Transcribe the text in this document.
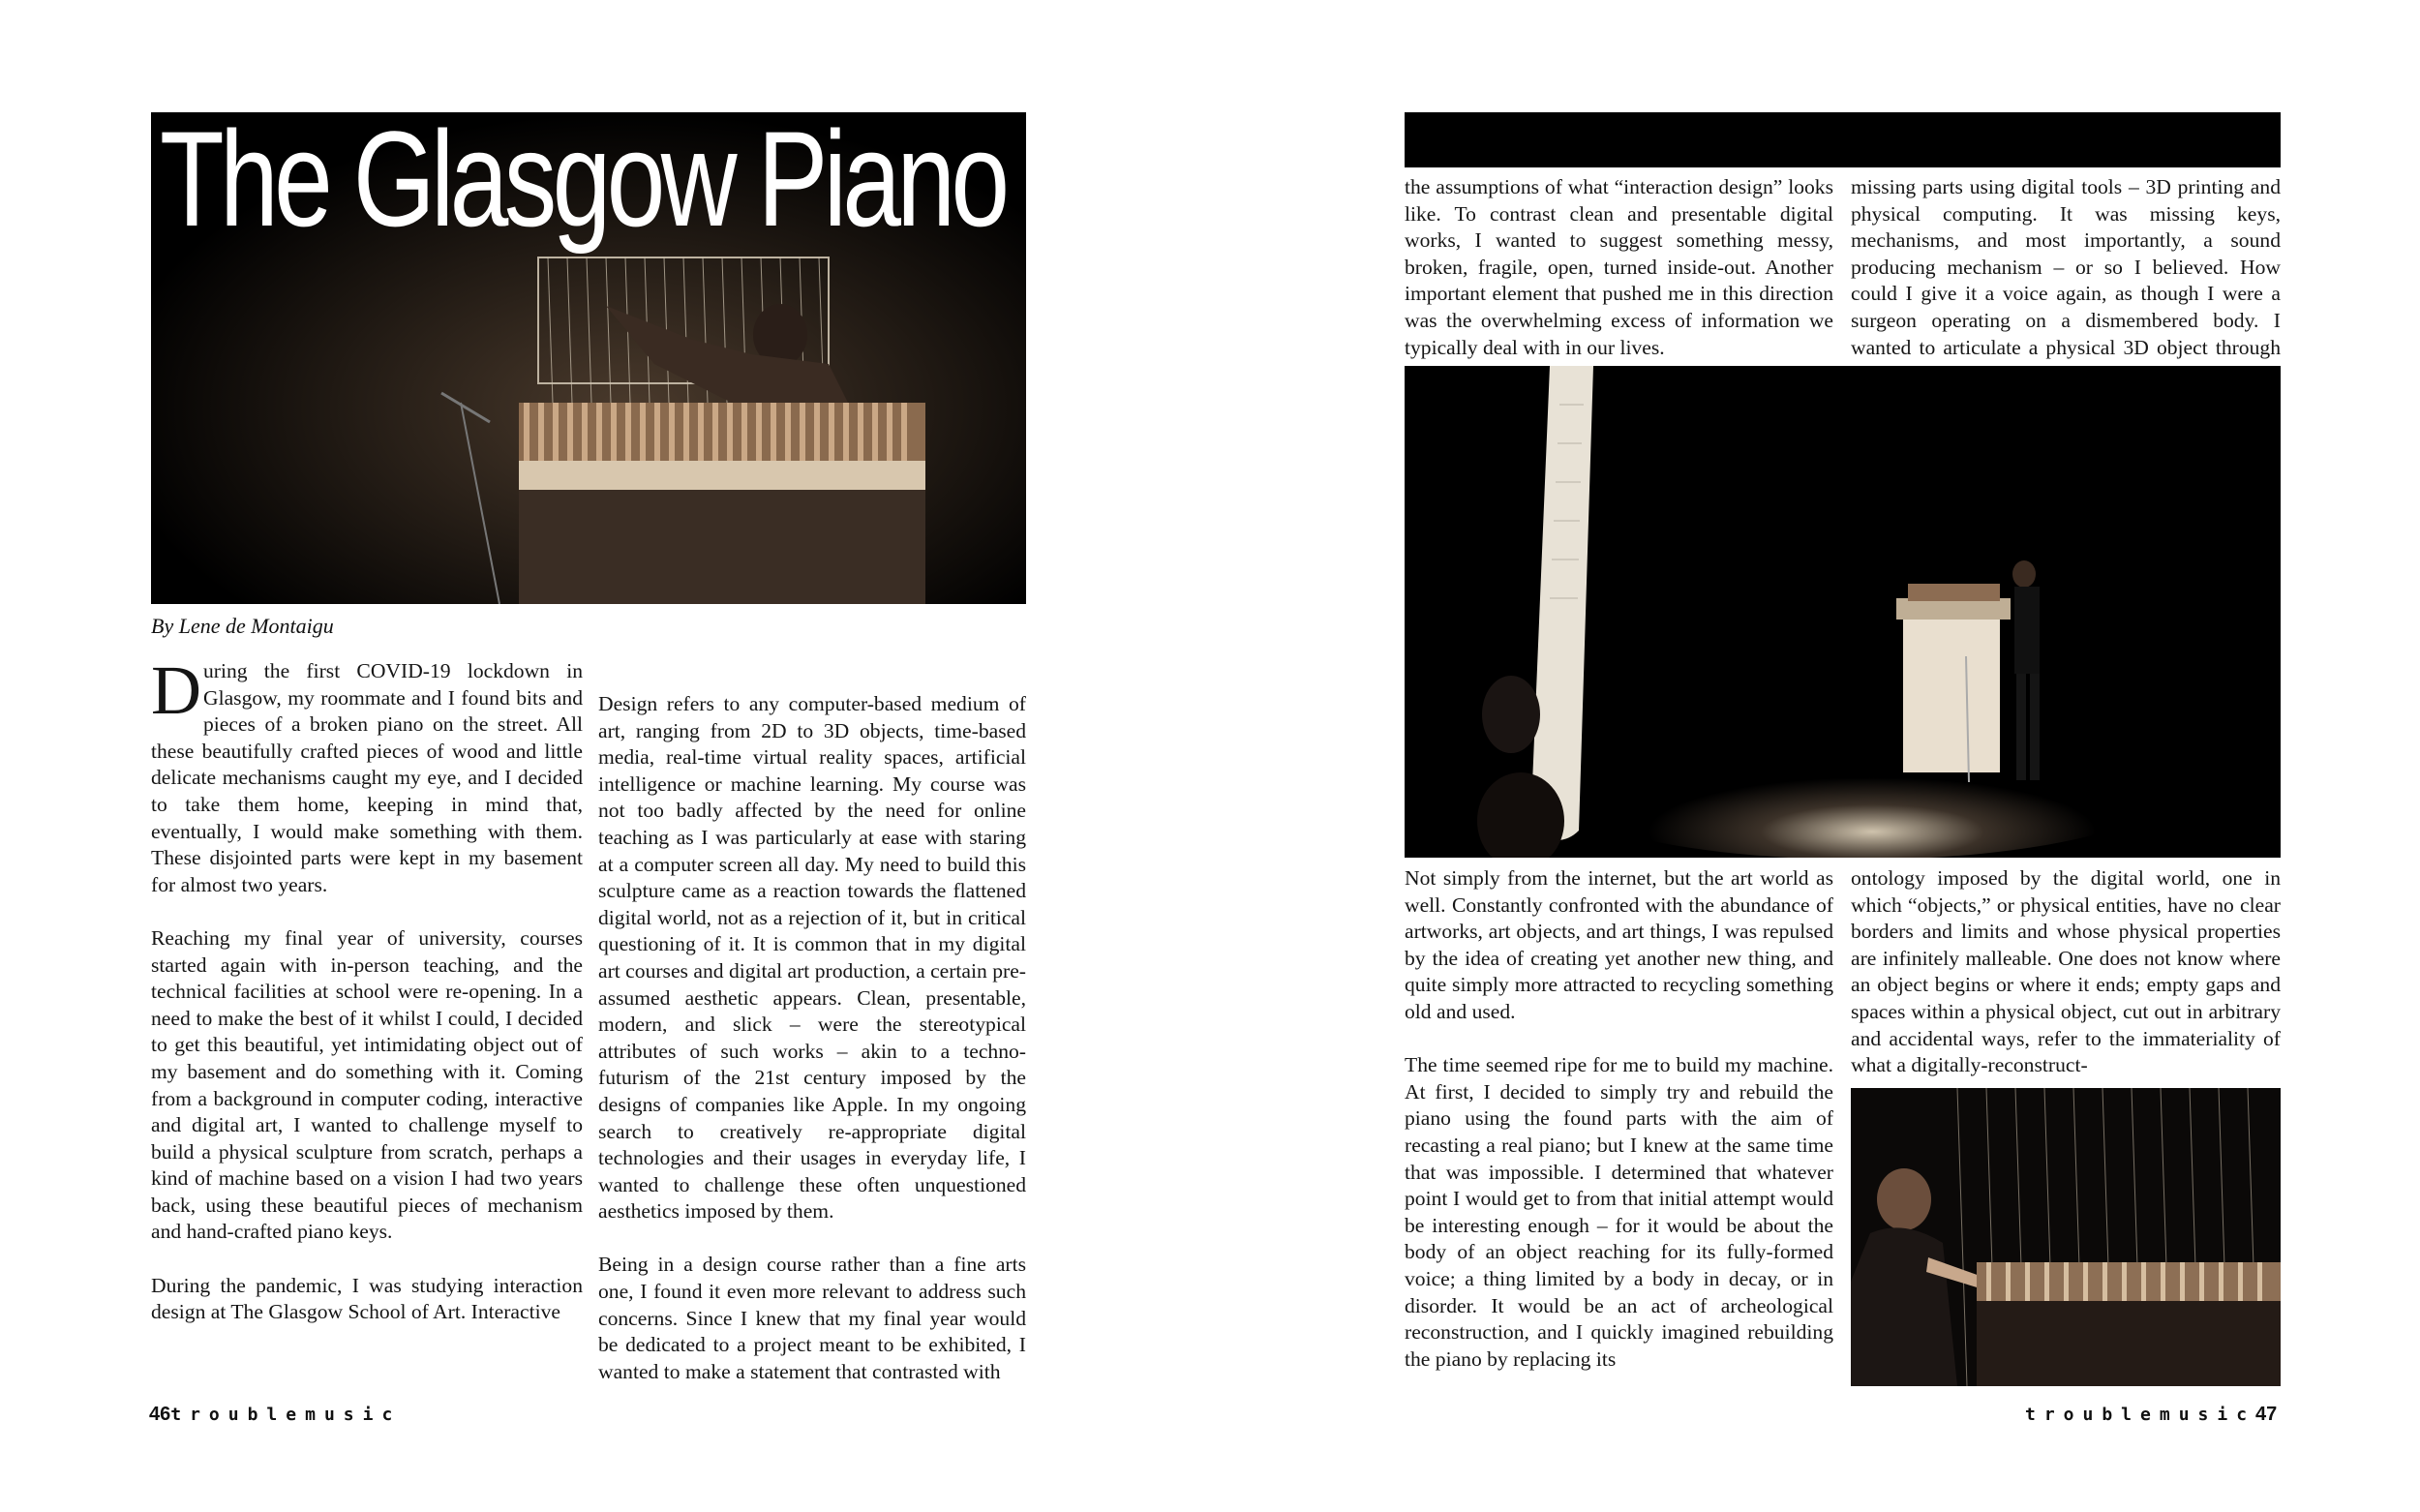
The Glasgow Piano
By Lene de Montaigu

During the first COVID-19 lockdown in Glasgow, my roommate and I found bits and pieces of a broken piano on the street. All these beautifully crafted pieces of wood and little delicate mechanisms caught my eye, and I decided to take them home, keeping in mind that, eventually, I would make something with them. These disjointed parts were kept in my basement for almost two years.

Reaching my final year of university, courses started again with in-person teaching, and the technical facilities at school were re-opening. In a need to make the best of it whilst I could, I decided to get this beautiful, yet intimidating object out of my basement and do something with it. Coming from a background in computer coding, interactive and digital art, I wanted to challenge myself to build a physical sculpture from scratch, perhaps a kind of machine based on a vision I had two years back, using these beautiful pieces of mechanism and hand-crafted piano keys.

During the pandemic, I was studying interaction design at The Glasgow School of Art. Interactive

Design refers to any computer-based medium of art, ranging from 2D to 3D objects, time-based media, real-time virtual reality spaces, artificial intelligence or machine learning. My course was not too badly affected by the need for online teaching as I was particularly at ease with staring at a computer screen all day. My need to build this sculpture came as a reaction towards the flattened digital world, not as a rejection of it, but in critical questioning of it. It is common that in my digital art courses and digital art production, a certain pre-assumed aesthetic appears. Clean, presentable, modern, and slick – were the stereotypical attributes of such works – akin to a techno-futurism of the 21st century imposed by the designs of companies like Apple. In my ongoing search to creatively re-appropriate digital technologies and their usages in everyday life, I wanted to challenge these often unquestioned aesthetics imposed by them.

Being in a design course rather than a fine arts one, I found it even more relevant to address such concerns. Since I knew that my final year would be dedicated to a project meant to be exhibited, I wanted to make a statement that contrasted with

46troublemusic

the assumptions of what “interaction design” looks like. To contrast clean and presentable digital works, I wanted to suggest something messy, broken, fragile, open, turned inside-out. Another important element that pushed me in this direction was the overwhelming excess of information we typically deal with in our lives.

missing parts using digital tools – 3D printing and physical computing. It was missing keys, mechanisms, and most importantly, a sound producing mechanism – or so I believed. How could I give it a voice again, as though I were a surgeon operating on a dismembered body. I wanted to articulate a physical 3D object through

Not simply from the internet, but the art world as well. Constantly confronted with the abundance of artworks, art objects, and art things, I was repulsed by the idea of creating yet another new thing, and quite simply more attracted to recycling something old and used.

The time seemed ripe for me to build my machine. At first, I decided to simply try and rebuild the piano using the found parts with the aim of recasting a real piano; but I knew at the same time that was impossible. I determined that whatever point I would get to from that initial attempt would be interesting enough – for it would be about the body of an object reaching for its fully-formed voice; a thing limited by a body in decay, or in disorder. It would be an act of archeological reconstruction, and I quickly imagined rebuilding the piano by replacing its

ontology imposed by the digital world, one in which “objects,” or physical entities, have no clear borders and limits and whose physical properties are infinitely malleable. One does not know where an object begins or where it ends; empty gaps and spaces within a physical object, cut out in arbitrary and accidental ways, refer to the immateriality of what a digitally-reconstruct-

troublemusic47
